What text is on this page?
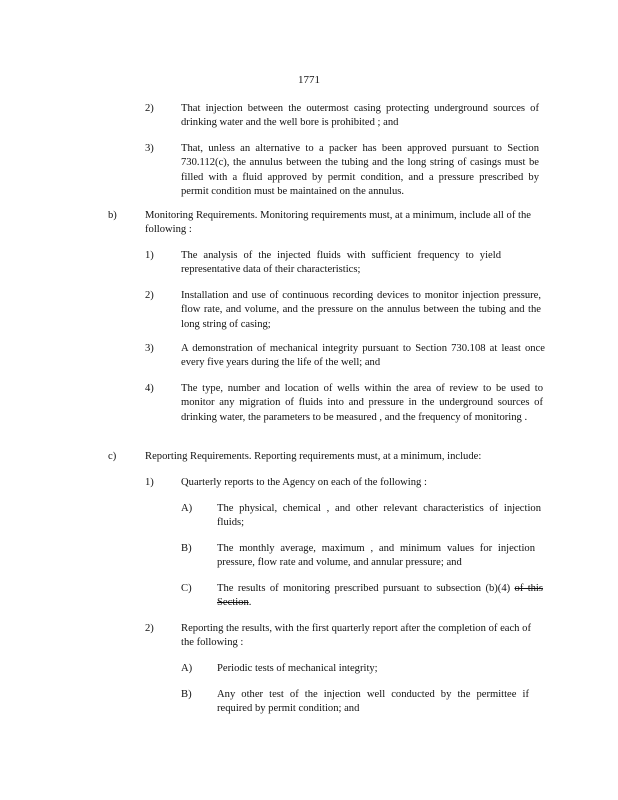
1771
2)	That injection between the outermost casing protecting underground sources of drinking water and the well bore is prohibited ; and
3)	That, unless an alternative to a packer has been approved pursuant to Section 730.112(c), the annulus between the tubing and the long string of casings must be filled with a fluid approved by permit condition, and a pressure prescribed by permit condition must be maintained on the annulus.
b)	Monitoring Requirements. Monitoring requirements must, at a minimum, include all of the following :
1)	The analysis of the injected fluids with sufficient frequency to yield representative data of their characteristics;
2)	Installation and use of continuous recording devices to monitor injection pressure, flow rate, and volume, and the pressure on the annulus between the tubing and the long string of casing;
3)	A demonstration of mechanical integrity pursuant to Section 730.108 at least once every five years during the life of the well; and
4)	The type, number and location of wells within the area of review to be used to monitor any migration of fluids into and pressure in the underground sources of drinking water, the parameters to be measured , and the frequency of monitoring .
c)	Reporting Requirements. Reporting requirements must, at a minimum, include:
1)	Quarterly reports to the Agency on each of the following :
A) The physical, chemical , and other relevant characteristics of injection fluids;
B) The monthly average, maximum , and minimum values for injection pressure, flow rate and volume, and annular pressure; and
C) The results of monitoring prescribed pursuant to subsection (b)(4) of this Section.
2)	Reporting the results, with the first quarterly report after the completion of each of the following :
A) Periodic tests of mechanical integrity;
B) Any other test of the injection well conducted by the permittee if required by permit condition; and
